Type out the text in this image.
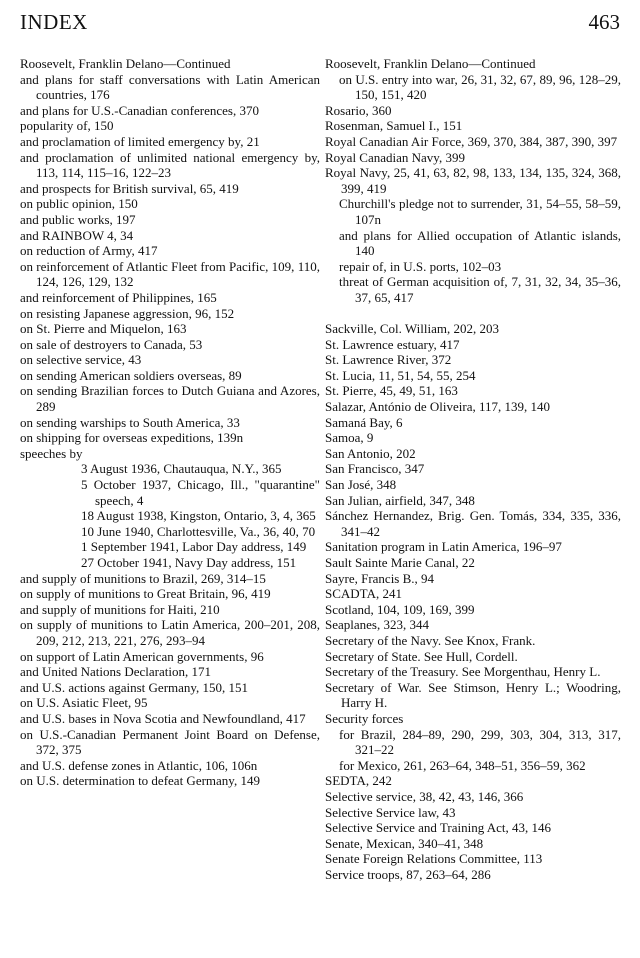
INDEX	463
Roosevelt, Franklin Delano—Continued
and plans for staff conversations with Latin American countries, 176
and plans for U.S.-Canadian conferences, 370
popularity of, 150
and proclamation of limited emergency by, 21
and proclamation of unlimited national emergency by, 113, 114, 115–16, 122–23
and prospects for British survival, 65, 419
on public opinion, 150
and public works, 197
and RAINBOW 4, 34
on reduction of Army, 417
on reinforcement of Atlantic Fleet from Pacific, 109, 110, 124, 126, 129, 132
and reinforcement of Philippines, 165
on resisting Japanese aggression, 96, 152
on St. Pierre and Miquelon, 163
on sale of destroyers to Canada, 53
on selective service, 43
on sending American soldiers overseas, 89
on sending Brazilian forces to Dutch Guiana and Azores, 289
on sending warships to South America, 33
on shipping for overseas expeditions, 139n
speeches by
3 August 1936, Chautauqua, N.Y., 365
5 October 1937, Chicago, Ill., "quarantine" speech, 4
18 August 1938, Kingston, Ontario, 3, 4, 365
10 June 1940, Charlottesville, Va., 36, 40, 70
1 September 1941, Labor Day address, 149
27 October 1941, Navy Day address, 151
and supply of munitions to Brazil, 269, 314–15
on supply of munitions to Great Britain, 96, 419
and supply of munitions for Haiti, 210
on supply of munitions to Latin America, 200–201, 208, 209, 212, 213, 221, 276, 293–94
on support of Latin American governments, 96
and United Nations Declaration, 171
and U.S. actions against Germany, 150, 151
on U.S. Asiatic Fleet, 95
and U.S. bases in Nova Scotia and Newfoundland, 417
on U.S.-Canadian Permanent Joint Board on Defense, 372, 375
and U.S. defense zones in Atlantic, 106, 106n
on U.S. determination to defeat Germany, 149
Roosevelt, Franklin Delano—Continued
on U.S. entry into war, 26, 31, 32, 67, 89, 96, 128–29, 150, 151, 420
Rosario, 360
Rosenman, Samuel I., 151
Royal Canadian Air Force, 369, 370, 384, 387, 390, 397
Royal Canadian Navy, 399
Royal Navy, 25, 41, 63, 82, 98, 133, 134, 135, 324, 368, 399, 419
Churchill's pledge not to surrender, 31, 54–55, 58–59, 107n
and plans for Allied occupation of Atlantic islands, 140
repair of, in U.S. ports, 102–03
threat of German acquisition of, 7, 31, 32, 34, 35–36, 37, 65, 417
Sackville, Col. William, 202, 203
St. Lawrence estuary, 417
St. Lawrence River, 372
St. Lucia, 11, 51, 54, 55, 254
St. Pierre, 45, 49, 51, 163
Salazar, António de Oliveira, 117, 139, 140
Samaná Bay, 6
Samoa, 9
San Antonio, 202
San Francisco, 347
San José, 348
San Julian, airfield, 347, 348
Sánchez Hernandez, Brig. Gen. Tomás, 334, 335, 336, 341–42
Sanitation program in Latin America, 196–97
Sault Sainte Marie Canal, 22
Sayre, Francis B., 94
SCADTA, 241
Scotland, 104, 109, 169, 399
Seaplanes, 323, 344
Secretary of the Navy. See Knox, Frank.
Secretary of State. See Hull, Cordell.
Secretary of the Treasury. See Morgenthau, Henry L.
Secretary of War. See Stimson, Henry L.; Woodring, Harry H.
Security forces
for Brazil, 284–89, 290, 299, 303, 304, 313, 317, 321–22
for Mexico, 261, 263–64, 348–51, 356–59, 362
SEDTA, 242
Selective service, 38, 42, 43, 146, 366
Selective Service law, 43
Selective Service and Training Act, 43, 146
Senate, Mexican, 340–41, 348
Senate Foreign Relations Committee, 113
Service troops, 87, 263–64, 286
